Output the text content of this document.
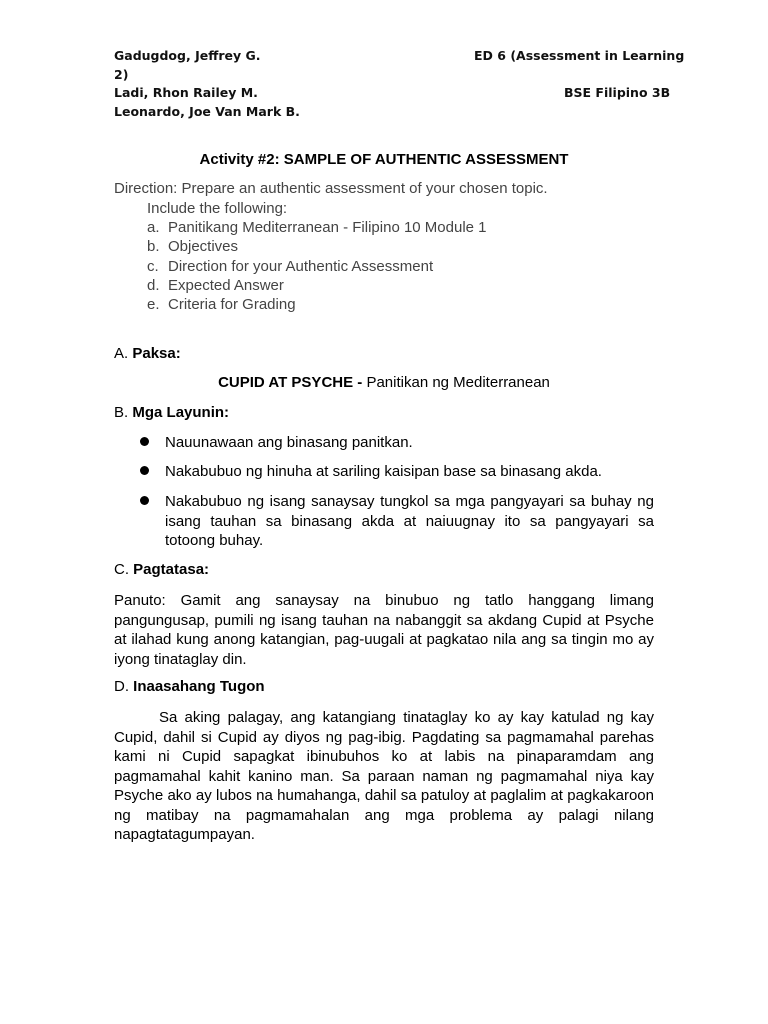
Gadugdog, Jeffrey G.	ED 6 (Assessment in Learning
2)
Ladi, Rhon Railey M.	BSE Filipino 3B
Leonardo, Joe Van Mark B.
Activity #2: SAMPLE OF AUTHENTIC ASSESSMENT
Direction: Prepare an authentic assessment of your chosen topic.
Include the following:
a. Panitikang Mediterranean - Filipino 10 Module 1
b. Objectives
c. Direction for your Authentic Assessment
d. Expected Answer
e. Criteria for Grading
A. Paksa:
CUPID AT PSYCHE - Panitikan ng Mediterranean
B. Mga Layunin:
Nauunawaan ang binasang panitkan.
Nakabubuo ng hinuha at sariling kaisipan base sa binasang akda.
Nakabubuo ng isang sanaysay tungkol sa mga pangyayari sa buhay ng isang tauhan sa binasang akda at naiuugnay ito sa pangyayari sa totoong buhay.
C. Pagtatasa:
Panuto: Gamit ang sanaysay na binubuo ng tatlo hanggang limang pangungusap, pumili ng isang tauhan na nabanggit sa akdang Cupid at Psyche at ilahad kung anong katangian, pag-uugali at pagkatao nila ang sa tingin mo ay iyong tinataglay din.
D. Inaasahang Tugon
Sa aking palagay, ang katangiang tinataglay ko ay kay katulad ng kay Cupid, dahil si Cupid ay diyos ng pag-ibig. Pagdating sa pagmamahal parehas kami ni Cupid sapagkat ibinubuhos ko at labis na pinaparamdam ang pagmamahal kahit kanino man. Sa paraan naman ng pagmamahal niya kay Psyche ako ay lubos na humahanga, dahil sa patuloy at paglalim at pagkakaroon ng matibay na pagmamahalan ang mga problema ay palagi nilang napagtatagumpayan.
